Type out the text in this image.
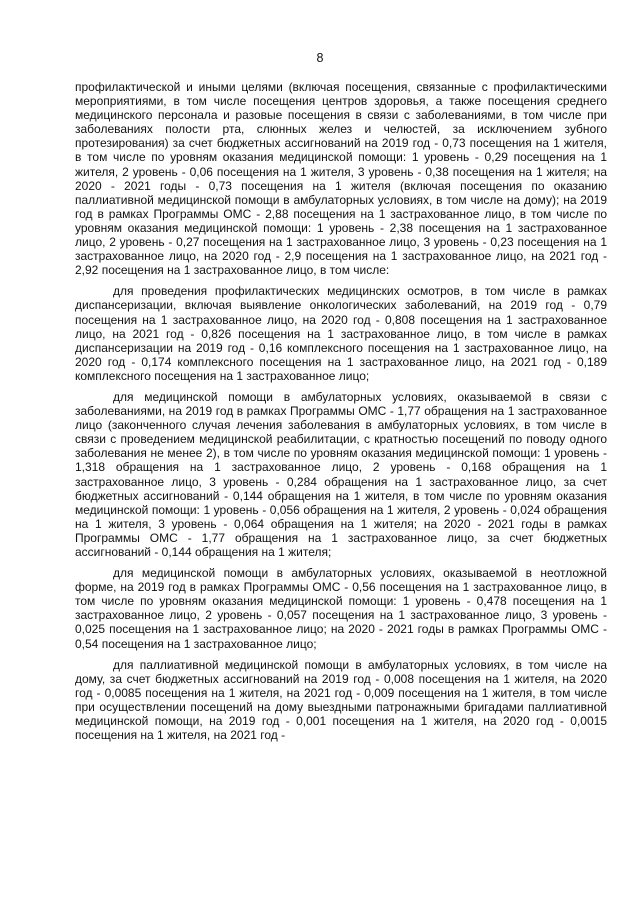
8

профилактической и иными целями (включая посещения, связанные с профилактическими мероприятиями, в том числе посещения центров здоровья, а также посещения среднего медицинского персонала и разовые посещения в связи с заболеваниями, в том числе при заболеваниях полости рта, слюнных желез и челюстей, за исключением зубного протезирования) за счет бюджетных ассигнований на 2019 год - 0,73 посещения на 1 жителя, в том числе по уровням оказания медицинской помощи: 1 уровень - 0,29 посещения на 1 жителя, 2 уровень - 0,06 посещения на 1 жителя, 3 уровень - 0,38 посещения на 1 жителя; на 2020 - 2021 годы - 0,73 посещения на 1 жителя (включая посещения по оказанию паллиативной медицинской помощи в амбулаторных условиях, в том числе на дому); на 2019 год в рамках Программы ОМС - 2,88 посещения на 1 застрахованное лицо, в том числе по уровням оказания медицинской помощи: 1 уровень - 2,38 посещения на 1 застрахованное лицо, 2 уровень - 0,27 посещения на 1 застрахованное лицо, 3 уровень - 0,23 посещения на 1 застрахованное лицо, на 2020 год - 2,9 посещения на 1 застрахованное лицо, на 2021 год - 2,92 посещения на 1 застрахованное лицо, в том числе:

для проведения профилактических медицинских осмотров, в том числе в рамках диспансеризации, включая выявление онкологических заболеваний, на 2019 год - 0,79 посещения на 1 застрахованное лицо, на 2020 год - 0,808 посещения на 1 застрахованное лицо, на 2021 год - 0,826 посещения на 1 застрахованное лицо, в том числе в рамках диспансеризации на 2019 год - 0,16 комплексного посещения на 1 застрахованное лицо, на 2020 год - 0,174 комплексного посещения на 1 застрахованное лицо, на 2021 год - 0,189 комплексного посещения на 1 застрахованное лицо;

для медицинской помощи в амбулаторных условиях, оказываемой в связи с заболеваниями, на 2019 год в рамках Программы ОМС - 1,77 обращения на 1 застрахованное лицо (законченного случая лечения заболевания в амбулаторных условиях, в том числе в связи с проведением медицинской реабилитации, с кратностью посещений по поводу одного заболевания не менее 2), в том числе по уровням оказания медицинской помощи: 1 уровень - 1,318 обращения на 1 застрахованное лицо, 2 уровень - 0,168 обращения на 1 застрахованное лицо, 3 уровень - 0,284 обращения на 1 застрахованное лицо, за счет бюджетных ассигнований - 0,144 обращения на 1 жителя, в том числе по уровням оказания медицинской помощи: 1 уровень - 0,056 обращения на 1 жителя, 2 уровень - 0,024 обращения на 1 жителя, 3 уровень - 0,064 обращения на 1 жителя; на 2020 - 2021 годы в рамках Программы ОМС - 1,77 обращения на 1 застрахованное лицо, за счет бюджетных ассигнований - 0,144 обращения на 1 жителя;

для медицинской помощи в амбулаторных условиях, оказываемой в неотложной форме, на 2019 год в рамках Программы ОМС - 0,56 посещения на 1 застрахованное лицо, в том числе по уровням оказания медицинской помощи: 1 уровень - 0,478 посещения на 1 застрахованное лицо, 2 уровень - 0,057 посещения на 1 застрахованное лицо, 3 уровень - 0,025 посещения на 1 застрахованное лицо; на 2020 - 2021 годы в рамках Программы ОМС - 0,54 посещения на 1 застрахованное лицо;

для паллиативной медицинской помощи в амбулаторных условиях, в том числе на дому, за счет бюджетных ассигнований на 2019 год - 0,008 посещения на 1 жителя, на 2020 год - 0,0085 посещения на 1 жителя, на 2021 год - 0,009 посещения на 1 жителя, в том числе при осуществлении посещений на дому выездными патронажными бригадами паллиативной медицинской помощи, на 2019 год - 0,001 посещения на 1 жителя, на 2020 год - 0,0015 посещения на 1 жителя, на 2021 год -
